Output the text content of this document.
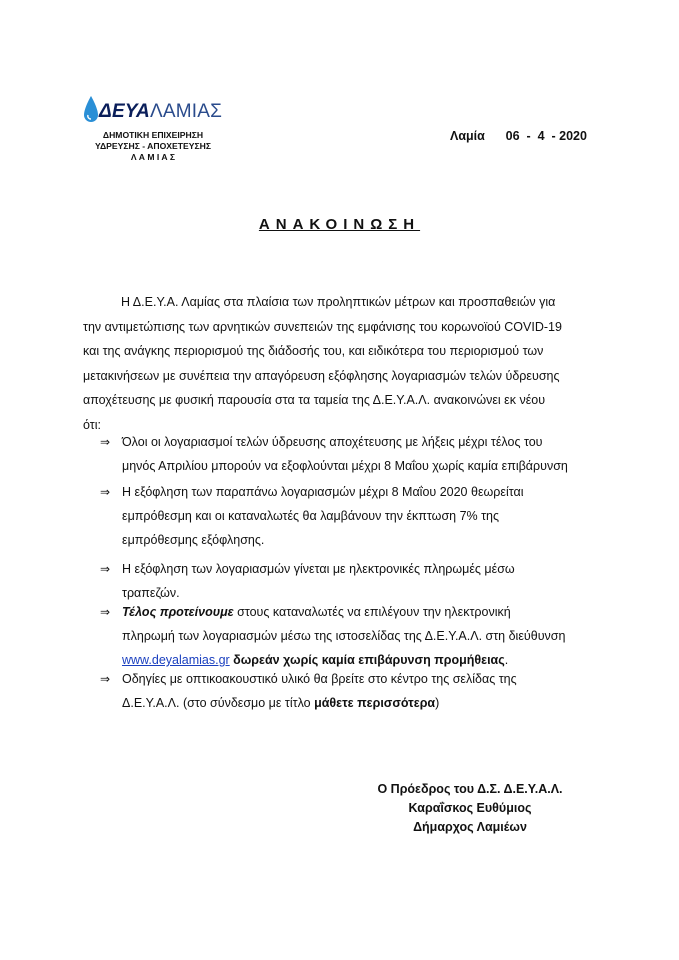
ΔΕΥΑΛΑΜΙΑΣ
ΔΗΜΟΤΙΚΗ ΕΠΙΧΕΙΡΗΣΗ
ΥΔΡΕΥΣΗΣ - ΑΠΟΧΕΤΕΥΣΗΣ
Λ Α Μ Ι Α Σ
Λαμία      06  -  4  - 2020
ΑΝΑΚΟΙΝΩΣΗ
Η Δ.Ε.Υ.Α. Λαμίας στα πλαίσια των προληπτικών μέτρων και προσπαθειών για
την αντιμετώπισης των αρνητικών συνεπειών της εμφάνισης του κορωνοϊού COVID-19
και της ανάγκης περιορισμού της διάδοσής του, και ειδικότερα του περιορισμού των
μετακινήσεων με συνέπεια την απαγόρευση εξόφλησης λογαριασμών τελών ύδρευσης
αποχέτευσης με φυσική παρουσία στα τα ταμεία της Δ.Ε.Υ.Α.Λ. ανακοινώνει εκ νέου
ότι:
⇒ Όλοι οι λογαριασμοί τελών ύδρευσης αποχέτευσης με λήξεις μέχρι τέλος του
μηνός Απριλίου μπορούν να εξοφλούνται μέχρι 8 Μαΐου χωρίς καμία επιβάρυνση
⇒ Η εξόφληση των παραπάνω λογαριασμών μέχρι 8 Μαΐου 2020 θεωρείται
εμπρόθεσμη και οι καταναλωτές θα λαμβάνουν την έκπτωση 7% της
εμπρόθεσμης εξόφλησης.
⇒ Η εξόφληση των λογαριασμών γίνεται με ηλεκτρονικές πληρωμές μέσω
τραπεζών.
⇒ Τέλος προτείνουμε στους καταναλωτές να επιλέγουν την ηλεκτρονική
πληρωμή των λογαριασμών μέσω της ιστοσελίδας της Δ.Ε.Υ.Α.Λ. στη διεύθυνση
www.deyalamias.gr δωρεάν χωρίς καμία επιβάρυνση προμήθειας.
⇒ Οδηγίες με οπτικοακουστικό υλικό θα βρείτε στο κέντρο της σελίδας της
Δ.Ε.Υ.Α.Λ. (στο σύνδεσμο με τίτλο μάθετε περισσότερα)
Ο Πρόεδρος του Δ.Σ. Δ.Ε.Υ.Α.Λ.
Καραΐσκος Ευθύμιος
Δήμαρχος Λαμιέων
